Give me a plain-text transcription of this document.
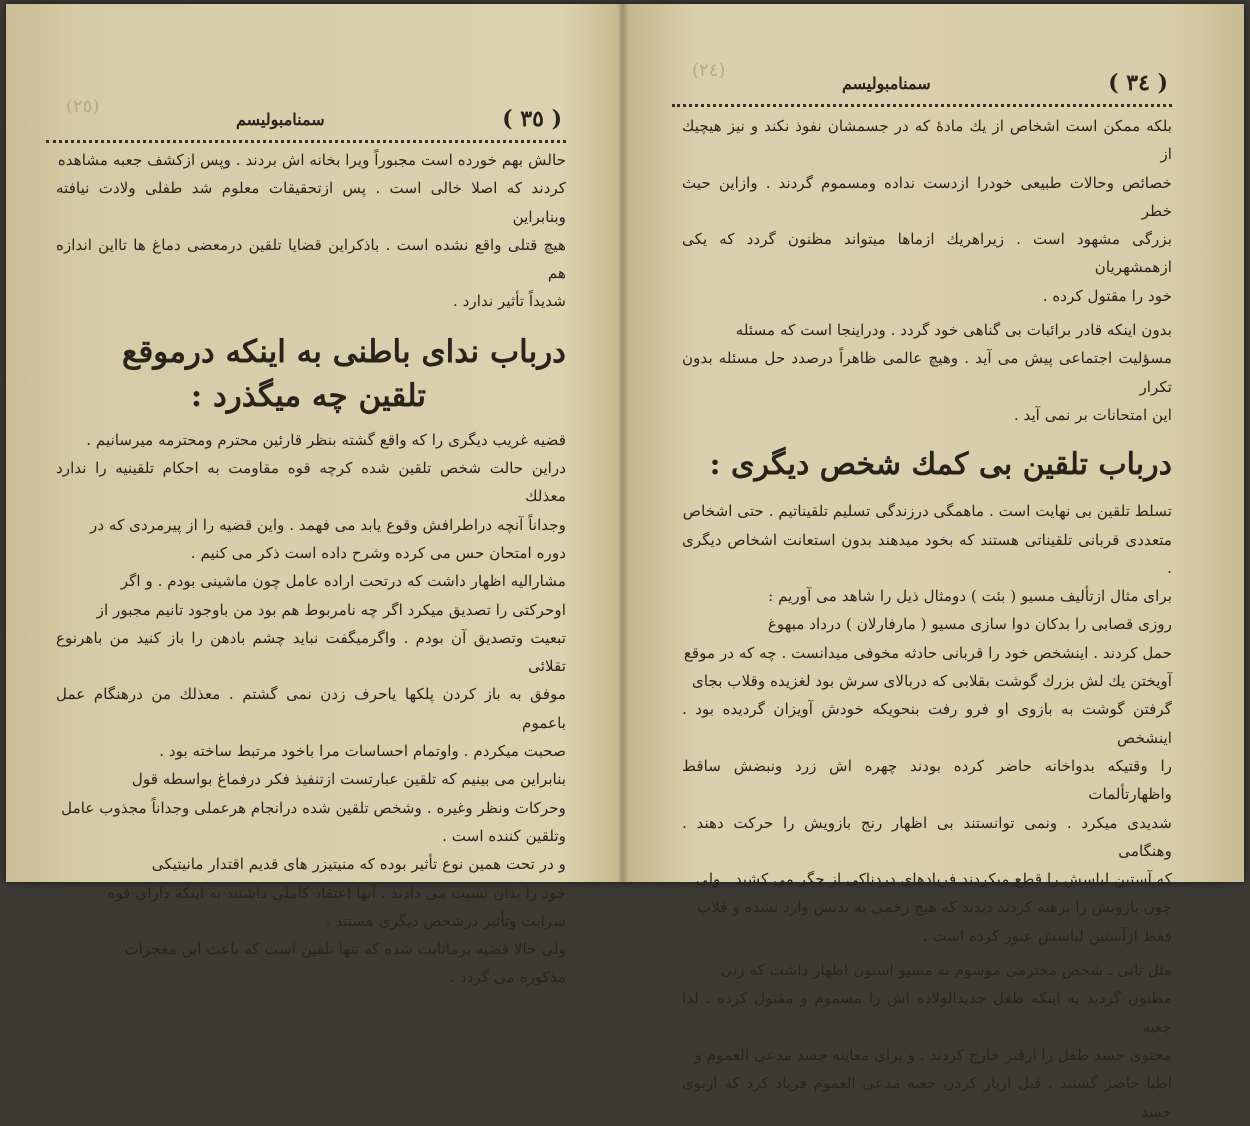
( ٣٥ )
سمنامبولیسم
(٢٥)

حالش بهم خورده است مجبوراً ویرا بخانه اش بردند . وپس ازکشف جعبه مشاهده

کردند که اصلا خالی است . پس ازتحقیقات معلوم شد طفلی ولادت نیافته وبنابراین

هیچ قتلی واقع نشده است . باذکراین قضایا تلقین درمعضی دماغ ها تااین اندازه هم

شدیداً تأثیر ندارد .

درباب ندای باطنی به اینکه درموقع
تلقین چه میگذرد :

قضیه غریب دیگری را که واقع گشته بنظر قارئین محترم ومحترمه میرسانیم .

دراین حالت شخص تلقین شده کرچه قوه مقاومت به احکام تلقینیه را ندارد معذلك

وجداناً آنچه دراطرافش وقوع یابد می فهمد . واین قضیه را از پیرمردی که در

دوره امتحان حس می کرده وشرح داده است ذکر می کنیم .

مشارالیه اظهار داشت که درتحت اراده عامل چون ماشینی بودم . و اگر

اوحرکتی را تصدیق میکرد اگر چه نامربوط هم بود من باوجود تانیم مجبور از

تبعیت وتصدیق آن بودم . واگرمیگفت نباید چشم بادهن را باز کنید من باهرنوع تقلائی

موفق به باز کردن پلکها یاحرف زدن نمی گشتم . معذلك من درهنگام عمل باعموم

صحبت میکردم . واوتمام احساسات مرا باخود مرتبط ساخته بود .

بنابراین می بینیم که تلقین عبارتست ازتنفیذ فکر درفماغ بواسطه قول

وحرکات ونظر وغیره . وشخص تلقین شده درانجام هرعملی وجداناً مجذوب عامل

وتلقین کننده است .

و در تحت همین نوع تأثیر بوده که منیتیزر های قدیم اقتدار مانیتیکی

خود را بدان نسبت می دادند . آنها اعتقاد کاملی داشتند به اینکه دارای قوه

سرایت وتأثیر درشخص دیگری هستند .

ولی حالا قضیه برماثابت شده که تنها تلقین است که باعث این معجزات

مذکوره می گردد .

( ٣٤ )
سمنامبولیسم
(٢٤)

بلکه ممکن است اشخاص از یك مادهٔ که در جسمشان نفوذ نکند و نیز هیچیك از

خصائص وحالات طبیعی خودرا ازدست نداده ومسموم گردند . وازاین حیث خطر

بزرگی مشهود است . زیراهریك ازماها میتواند مظنون گردد که یکی ازهمشهریان

خود را مقتول کرده .

بدون اینکه قادر برائبات بی گناهی خود گردد . ودراینجا است که مسئله

مسؤلیت اجتماعی پیش می آید . وهیچ عالمی ظاهراً درصدد حل مسئله بدون تکرار

این امتحانات بر نمی آید .

درباب تلقین بی کمك شخص دیگری :

تسلط تلقین بی نهایت است . ماهمگی درزندگی تسلیم تلقیناتیم . حتی اشخاص

متعددی قربانی تلقیناتی هستند که بخود میدهند بدون استعانت اشخاص دیگری .

برای مثال ازتألیف مسیو ( بئت ) دومثال ذیل را شاهد می آوریم :

روزی قصابی را بدکان دوا سازی مسیو ( مارفارلان ) درداد مبهوغ

حمل کردند . اینشخص خود را قربانی حادثه مخوفی میدانست . چه که در موقع

آویختن یك لش بزرك گوشت بقلابی که دربالای سرش بود لغزیده وقلاب بجای

گرفتن گوشت به بازوی او فرو رفت بنحویکه خودش آویزان گردیده بود . اینشخص

را وقتیکه بدواخانه حاضر کرده بودند چهره اش زرد ونبضش ساقط واظهارتألمات

شدیدی میکرد . ونمی توانستند بی اظهار رنج بازویش را حرکت دهند . وهنگامی

که آستین لباسش را قطع میکردند فریادهای دردناکی از جگر می کشید . ولی

چون بازویش را برهنه کردند دیدند که هیچ زخمی به بدنش وارد نشده و قلاب

فقط ازآستین لباسش عبور کرده است .

مثل ثانی ـ شخص محترمی موسوم به مسیو استون اظهار داشت که زنی

مظنون گردید به اینکه طفل جدیدالولاده اش را مسموم و مقتول کرده . لذا جعبه

محتوی جسد طفل را ازقبر خارج کردند . و برای معاینه جسد مدعی العموم و

اطبا حاضر گشتند . قبل ازباز کردن جعبه مدعی العموم فریاد کرد که ازبوی جسد
